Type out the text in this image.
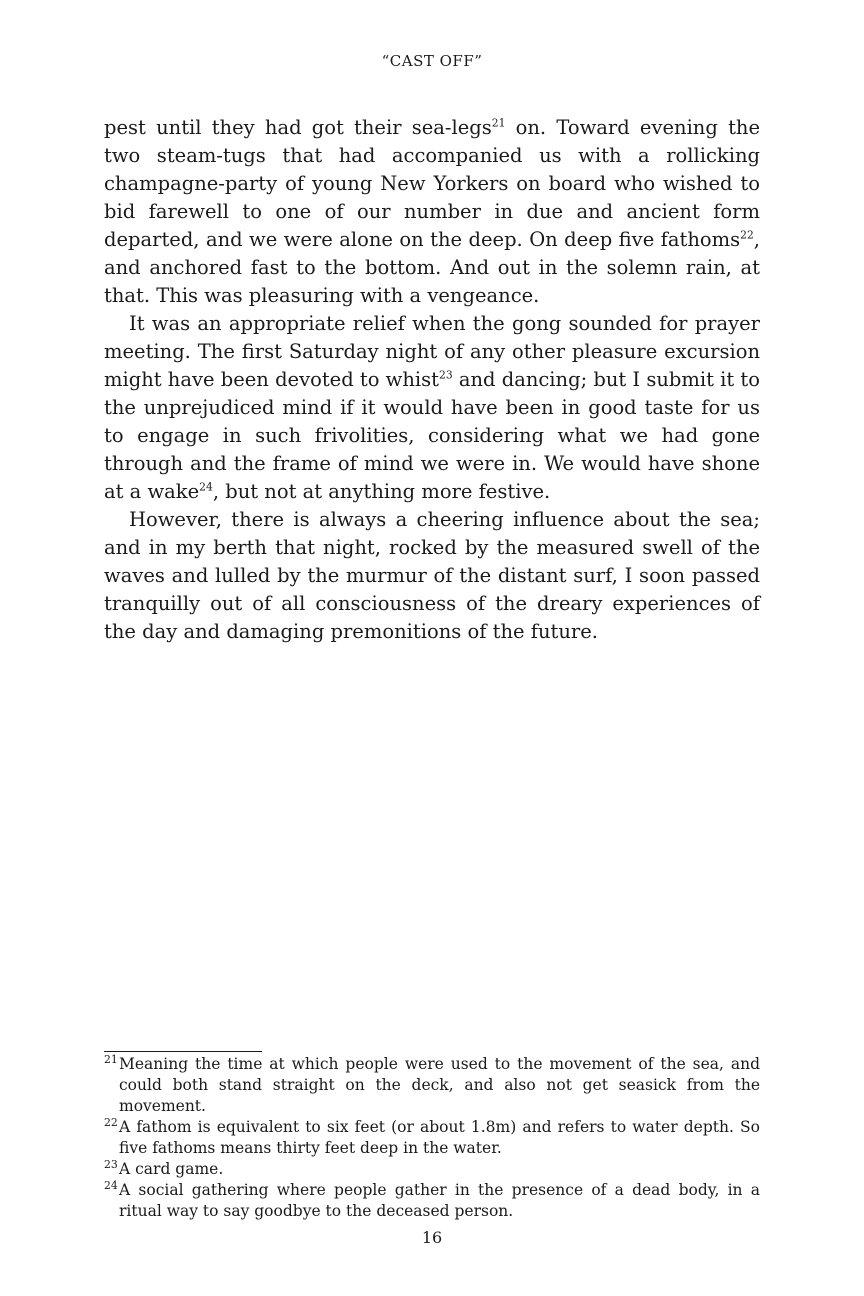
“CAST OFF”

pest until they had got their sea-legs$^{21}$ on. Toward evening the two steam-tugs that had accompanied us with a rollicking champagne-party of young New Yorkers on board who wished to bid farewell to one of our number in due and ancient form departed, and we were alone on the deep. On deep five fathoms$^{22}$, and anchored fast to the bottom. And out in the solemn rain, at that. This was pleasuring with a vengeance.

It was an appropriate relief when the gong sounded for prayer meeting. The first Saturday night of any other pleasure excursion might have been devoted to whist$^{23}$ and dancing; but I submit it to the unprejudiced mind if it would have been in good taste for us to engage in such frivolities, considering what we had gone through and the frame of mind we were in. We would have shone at a wake$^{24}$, but not at anything more festive.

However, there is always a cheering influence about the sea; and in my berth that night, rocked by the measured swell of the waves and lulled by the murmur of the distant surf, I soon passed tranquilly out of all consciousness of the dreary experiences of the day and damaging premonitions of the future.

21Meaning the time at which people were used to the movement of the sea, and could both stand straight on the deck, and also not get seasick from the movement.
22A fathom is equivalent to six feet (or about 1.8m) and refers to water depth. So five fathoms means thirty feet deep in the water.
23A card game.
24A social gathering where people gather in the presence of a dead body, in a ritual way to say goodbye to the deceased person.
16
